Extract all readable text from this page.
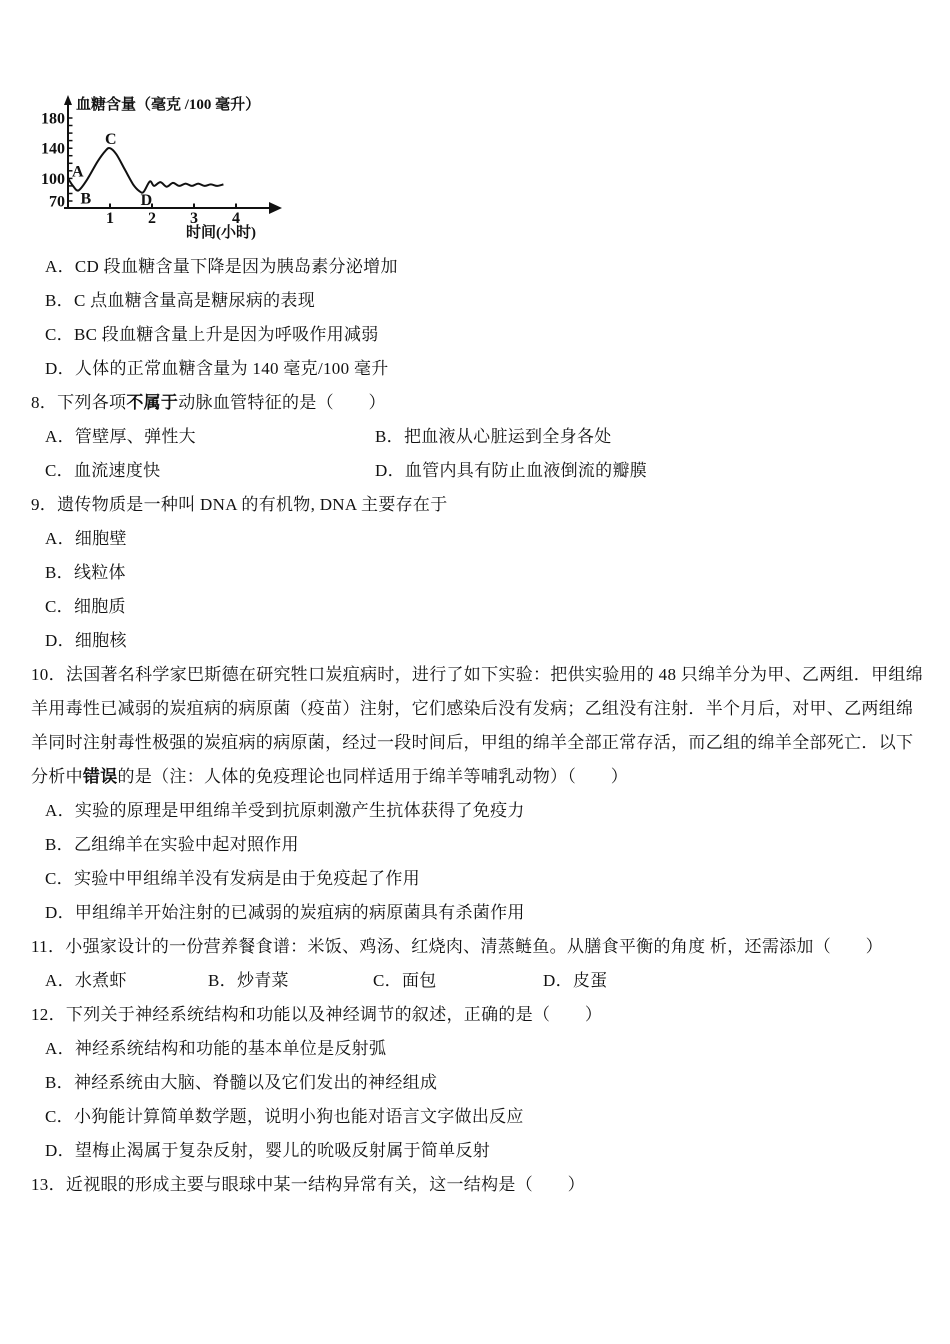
血糖含量（毫克 /100 毫升）
时间(小时)
180
140
100
70
1 2 3 4
A
B
C
D
A．CD 段血糖含量下降是因为胰岛素分泌增加
B．C 点血糖含量高是糖尿病的表现
C．BC 段血糖含量上升是因为呼吸作用减弱
D．人体的正常血糖含量为 140 毫克/100 毫升
8．下列各项不属于动脉血管特征的是（　　）
A．管壁厚、弹性大	B．把血液从心脏运到全身各处
C．血流速度快	D．血管内具有防止血液倒流的瓣膜
9．遗传物质是一种叫 DNA 的有机物, DNA 主要存在于
A．细胞壁
B．线粒体
C．细胞质
D．细胞核
10．法国著名科学家巴斯德在研究牲口炭疽病时，进行了如下实验：把供实验用的 48 只绵羊分为甲、乙两组．甲组绵
羊用毒性已减弱的炭疽病的病原菌（疫苗）注射，它们感染后没有发病；乙组没有注射．半个月后，对甲、乙两组绵
羊同时注射毒性极强的炭疽病的病原菌，经过一段时间后，甲组的绵羊全部正常存活，而乙组的绵羊全部死亡．以下
分析中错误的是（注：人体的免疫理论也同样适用于绵羊等哺乳动物）（　　）
A．实验的原理是甲组绵羊受到抗原刺激产生抗体获得了免疫力
B．乙组绵羊在实验中起对照作用
C．实验中甲组绵羊没有发病是由于免疫起了作用
D．甲组绵羊开始注射的已减弱的炭疽病的病原菌具有杀菌作用
11．小强家设计的一份营养餐食谱：米饭、鸡汤、红烧肉、清蒸鲢鱼。从膳食平衡的角度 析，还需添加（　　）
A．水煮虾	B．炒青菜	C．面包	D．皮蛋
12．下列关于神经系统结构和功能以及神经调节的叙述，正确的是（　　）
A．神经系统结构和功能的基本单位是反射弧
B．神经系统由大脑、脊髓以及它们发出的神经组成
C．小狗能计算简单数学题，说明小狗也能对语言文字做出反应
D．望梅止渴属于复杂反射，婴儿的吮吸反射属于简单反射
13．近视眼的形成主要与眼球中某一结构异常有关，这一结构是（　　）
